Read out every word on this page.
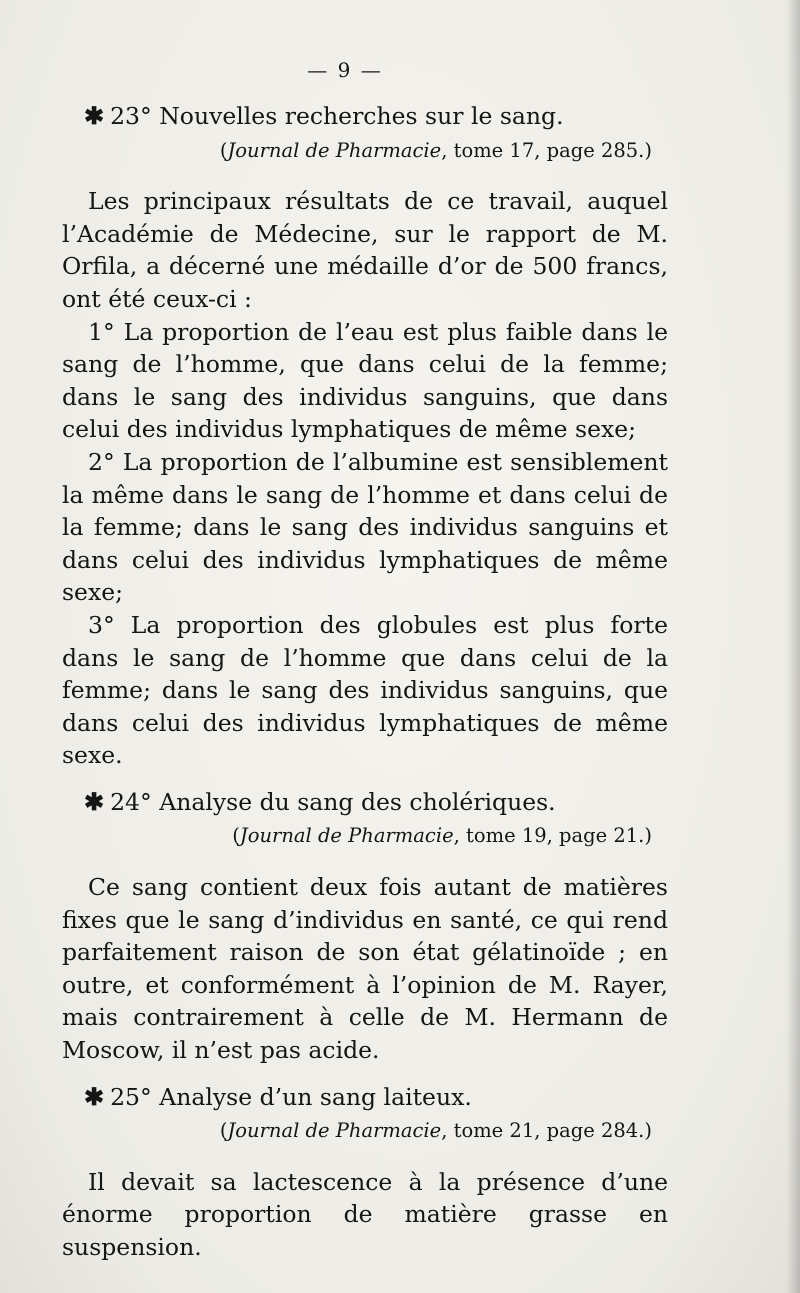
— 9 —
✱ 23° Nouvelles recherches sur le sang.
(Journal de Pharmacie, tome 17, page 285.)

Les principaux résultats de ce travail, auquel l’Académie de Médecine, sur le rapport de M. Orfila, a décerné une médaille d’or de 500 francs, ont été ceux-ci :

1° La proportion de l’eau est plus faible dans le sang de l’homme, que dans celui de la femme; dans le sang des individus sanguins, que dans celui des individus lymphatiques de même sexe;

2° La proportion de l’albumine est sensiblement la même dans le sang de l’homme et dans celui de la femme; dans le sang des individus sanguins et dans celui des individus lymphatiques de même sexe;

3° La proportion des globules est plus forte dans le sang de l’homme que dans celui de la femme; dans le sang des individus sanguins, que dans celui des individus lymphatiques de même sexe.

✱ 24° Analyse du sang des cholériques.
(Journal de Pharmacie, tome 19, page 21.)

Ce sang contient deux fois autant de matières fixes que le sang d’individus en santé, ce qui rend parfaitement raison de son état gélatinoïde ; en outre, et conformément à l’opinion de M. Rayer, mais contrairement à celle de M. Hermann de Moscow, il n’est pas acide.

✱ 25° Analyse d’un sang laiteux.
(Journal de Pharmacie, tome 21, page 284.)

Il devait sa lactescence à la présence d’une énorme proportion de matière grasse en suspension.
